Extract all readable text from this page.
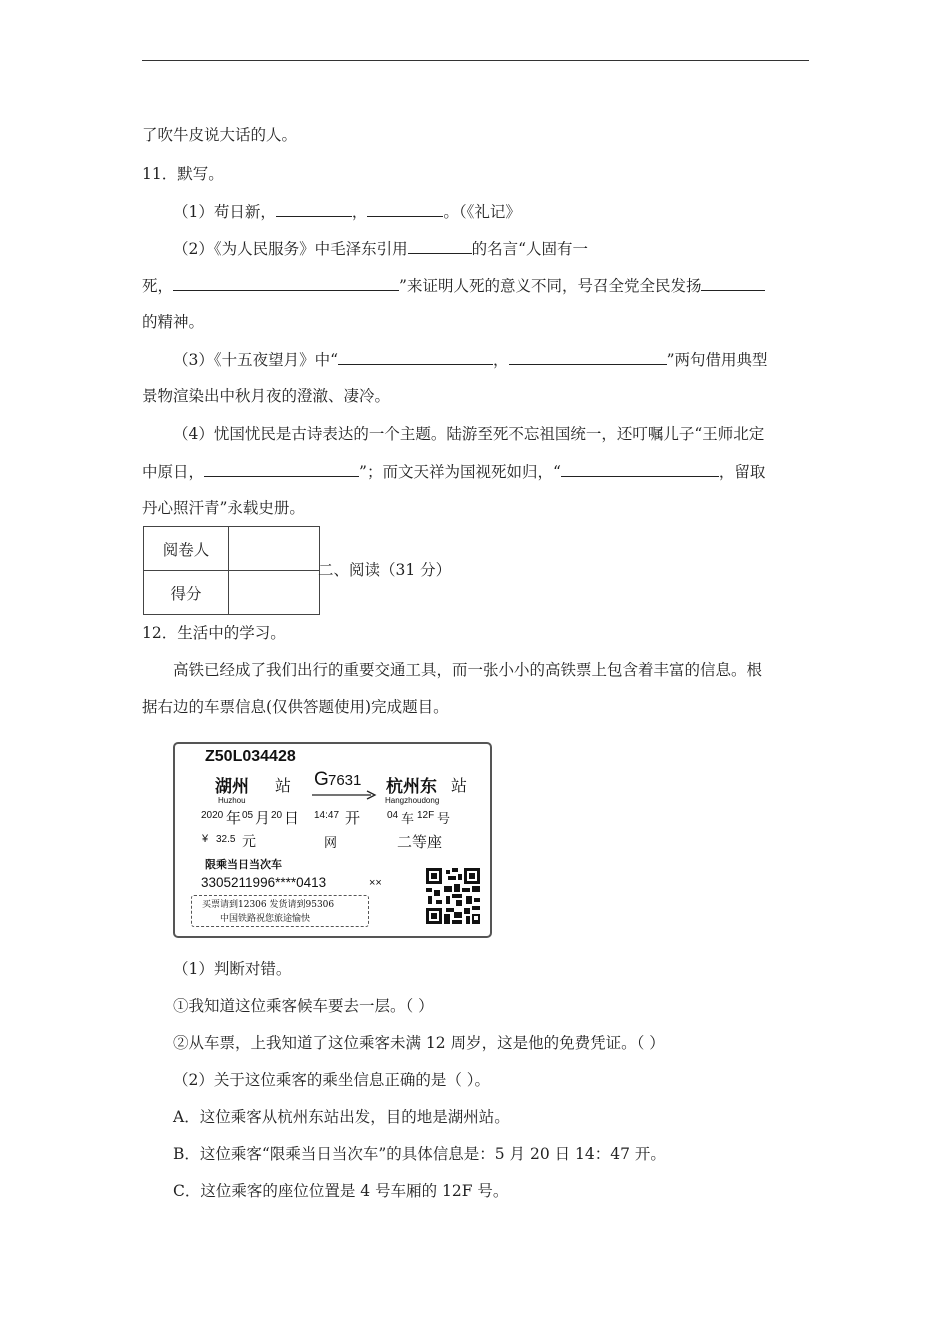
了吹牛皮说大话的人。
11．默写。
（1）苟日新，	，	。（《礼记》
（2）《为人民服务》中毛泽东引用	的名言“人固有一
死，	”来证明人死的意义不同，号召全党全民发扬
的精神。
（3）《十五夜望月》中“	，	”两句借用典型
景物渲染出中秋月夜的澄澈、凄冷。
（4）忧国忧民是古诗表达的一个主题。陆游至死不忘祖国统一，还叮嘱儿子“王师北定
中原日，	”；而文天祥为国视死如归，“	，留取
丹心照汗青”永载史册。
阅卷人	
得分	
二、阅读（31 分）
12．生活中的学习。
高铁已经成了我们出行的重要交通工具，而一张小小的高铁票上包含着丰富的信息。根
据右边的车票信息(仅供答题使用)完成题目。
Z50L034428
湖州 站 G 7631 杭州东 站
Huzhou	Hangzhoudong
2020 年 05 月 20 日 14:47 开	04 车 12F 号
¥ 32.5 元	网	二等座
限乘当日当次车
3305211996****0413	××
买票请到12306 发货请到95306
中国铁路祝您旅途愉快
（1）判断对错。
①我知道这位乘客候车要去一层。（ ）
②从车票，上我知道了这位乘客未满 12 周岁，这是他的免费凭证。（ ）
（2）关于这位乘客的乘坐信息正确的是（ ）。
A．这位乘客从杭州东站出发，目的地是湖州站。
B．这位乘客“限乘当日当次车”的具体信息是：5 月 20 日 14：47 开。
C．这位乘客的座位位置是 4 号车厢的 12F 号。
